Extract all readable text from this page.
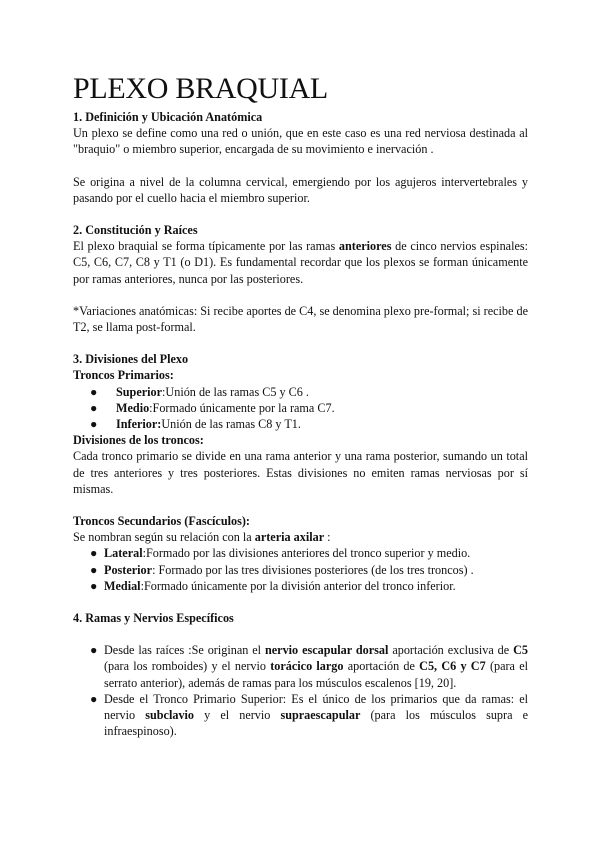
PLEXO BRAQUIAL
1. Definición y Ubicación Anatómica

Un plexo se define como una red o unión, que en este caso es una red nerviosa destinada al "braquio" o miembro superior, encargada de su movimiento e inervación .

Se origina a nivel de la columna cervical, emergiendo por los agujeros intervertebrales y pasando por el cuello hacia el miembro superior.

2. Constitución y Raíces

El plexo braquial se forma típicamente por las ramas anteriores de cinco nervios espinales: C5, C6, C7, C8 y T1 (o D1). Es fundamental recordar que los plexos se forman únicamente por ramas anteriores, nunca por las posteriores.

*Variaciones anatómicas: Si recibe aportes de C4, se denomina plexo pre-formal; si recibe de T2, se llama post-formal.

3. Divisiones del Plexo
Troncos Primarios:
● Superior:Unión de las ramas C5 y C6 .
● Medio:Formado únicamente por la rama C7.
● Inferior:Unión de las ramas C8 y T1.
Divisiones de los troncos:

Cada tronco primario se divide en una rama anterior y una rama posterior, sumando un total de tres anteriores y tres posteriores. Estas divisiones no emiten ramas nerviosas por sí mismas.

Troncos Secundarios (Fascículos):

Se nombran según su relación con la arteria axilar :

● Lateral:Formado por las divisiones anteriores del tronco superior y medio.
● Posterior: Formado por las tres divisiones posteriores (de los tres troncos) .
● Medial:Formado únicamente por la división anterior del tronco inferior.
4. Ramas y Nervios Específicos
● Desde las raíces :Se originan el nervio escapular dorsal aportación exclusiva de C5 (para los romboides) y el nervio torácico largo aportación de C5, C6 y C7 (para el serrato anterior), además de ramas para los músculos escalenos [19, 20].
● Desde el Tronco Primario Superior: Es el único de los primarios que da ramas: el nervio subclavio y el nervio supraescapular (para los músculos supra e infraespinoso).
